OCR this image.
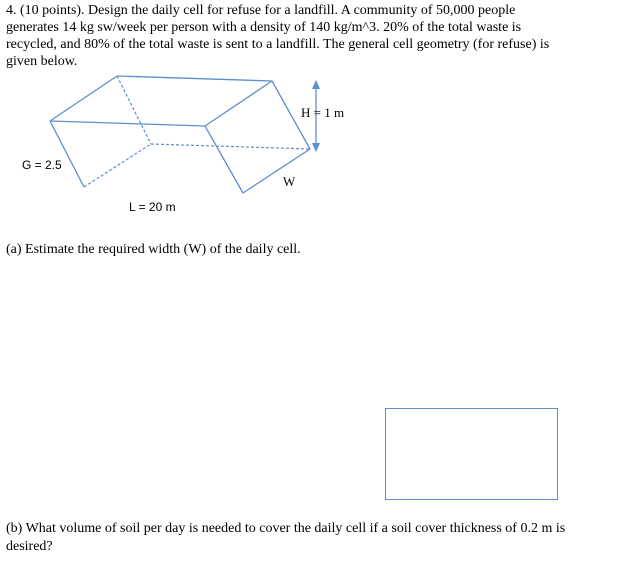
4. (10 points). Design the daily cell for refuse for a landfill. A community of 50,000 people generates 14 kg sw/week per person with a density of 140 kg/m^3. 20% of the total waste is recycled, and 80% of the total waste is sent to a landfill. The general cell geometry (for refuse) is given below.

H = 1 m
G = 2.5
W
L = 20 m

(a) Estimate the required width (W) of the daily cell.

(b) What volume of soil per day is needed to cover the daily cell if a soil cover thickness of 0.2 m is desired?
